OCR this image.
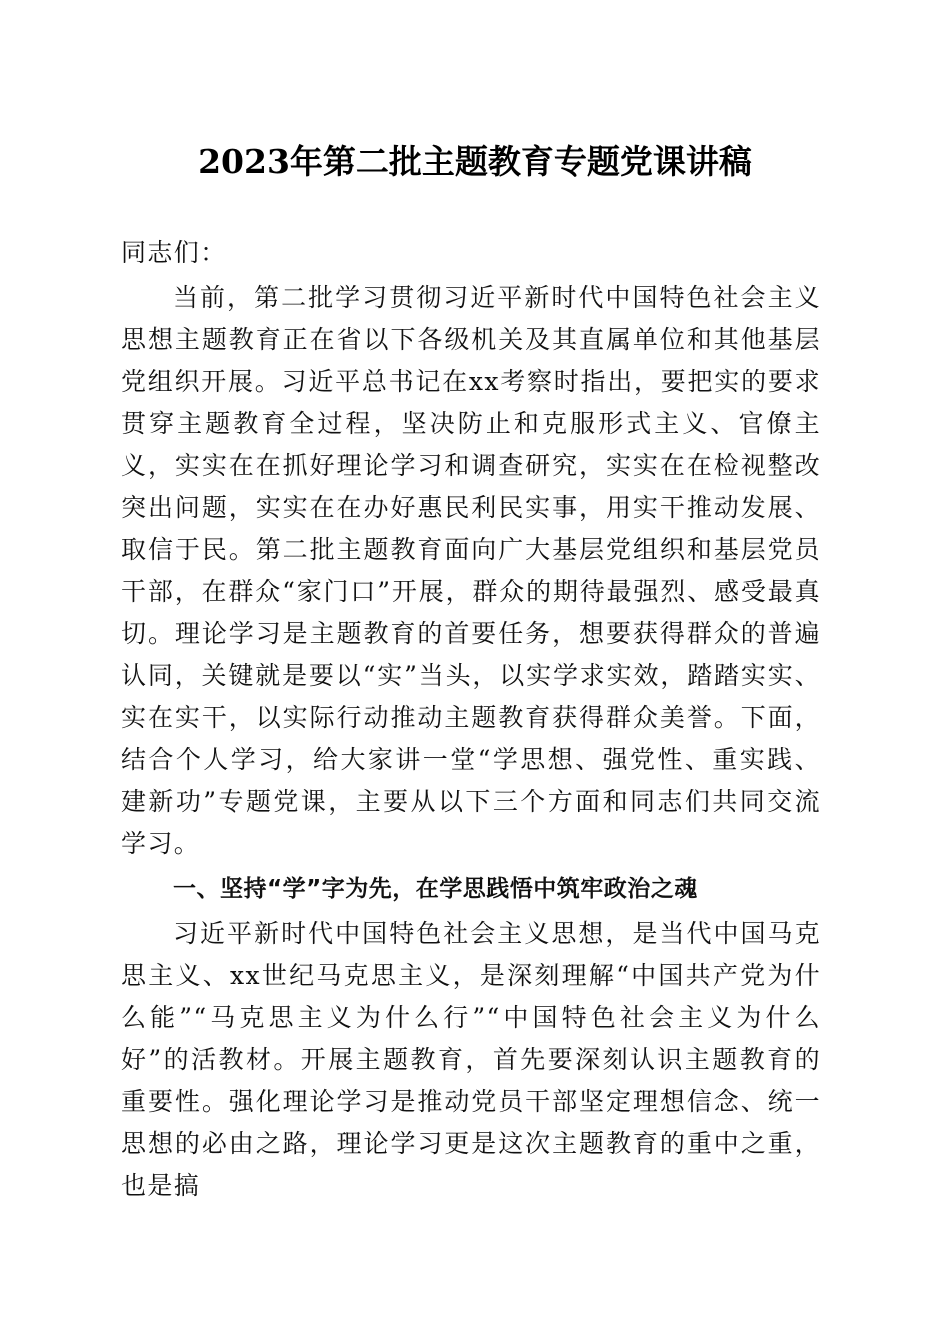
2023年第二批主题教育专题党课讲稿

同志们：

当前，第二批学习贯彻习近平新时代中国特色社会主义思想主题教育正在省以下各级机关及其直属单位和其他基层党组织开展。习近平总书记在xx考察时指出，要把实的要求贯穿主题教育全过程，坚决防止和克服形式主义、官僚主义，实实在在抓好理论学习和调查研究，实实在在检视整改突出问题，实实在在办好惠民利民实事，用实干推动发展、取信于民。第二批主题教育面向广大基层党组织和基层党员干部，在群众“家门口”开展，群众的期待最强烈、感受最真切。理论学习是主题教育的首要任务，想要获得群众的普遍认同，关键就是要以“实”当头，以实学求实效，踏踏实实、实在实干，以实际行动推动主题教育获得群众美誉。下面，结合个人学习，给大家讲一堂“学思想、强党性、重实践、建新功”专题党课，主要从以下三个方面和同志们共同交流学习。

一、坚持“学”字为先，在学思践悟中筑牢政治之魂

习近平新时代中国特色社会主义思想，是当代中国马克思主义、xx世纪马克思主义，是深刻理解“中国共产党为什么能”“马克思主义为什么行”“中国特色社会主义为什么好”的活教材。开展主题教育，首先要深刻认识主题教育的重要性。强化理论学习是推动党员干部坚定理想信念、统一思想的必由之路，理论学习更是这次主题教育的重中之重，也是搞
